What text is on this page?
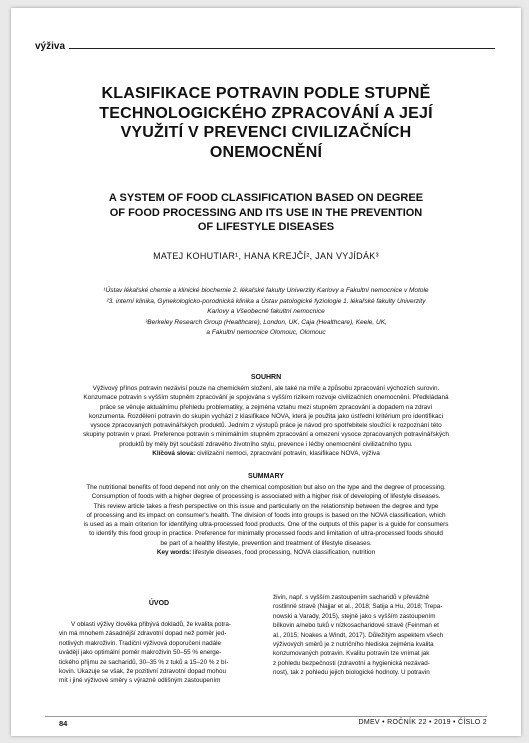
výživa
KLASIFIKACE POTRAVIN PODLE STUPNĚ
TECHNOLOGICKÉHO ZPRACOVÁNÍ A JEJÍ
VYUŽITÍ V PREVENCI CIVILIZAČNÍCH
ONEMOCNĚNÍ
A SYSTEM OF FOOD CLASSIFICATION BASED ON DEGREE
OF FOOD PROCESSING AND ITS USE IN THE PREVENTION
OF LIFESTYLE DISEASES
MATEJ KOHUTIAR¹, HANA KREJČÍ², JAN VYJÍDÁK³
¹Ústav lékařské chemie a klinické biochemie 2. lékařské fakulty Univerzity Karlovy a Fakultní nemocnice v Motole
²3. interní klinika, Gynekologicko-porodnická klinika a Ústav patologické fyziologie 1. lékařské fakulty Univerzity
Karlovy a Všeobecné fakultní nemocnice
³Berkeley Research Group (Healthcare), London, UK, Caja (Healthcare), Keele, UK,
a Fakultní nemocnice Olomouc, Olomouc
SOUHRN
Výživový přínos potravin nezávisí pouze na chemickém složení, ale také na míře a způsobu zpracování výchozích surovin.
Konzumace potravin s vyšším stupněm zpracování je spojována s vyšším rizikem rozvoje civilizačních onemocnění. Předkládaná
práce se věnuje aktuálnímu přehledu problematiky, a zejména vztahu mezi stupněm zpracování a dopadem na zdraví
konzumenta. Rozdělení potravin do skupin vychází z klasifikace NOVA, která je použita jako ústřední kritérium pro identifikaci
vysoce zpracovaných potravinářských produktů. Jedním z výstupů práce je návod pro spotřebitele sloužící k rozpoznání této
skupiny potravin v praxi. Preference potravin s minimálním stupněm zpracování a omezení vysoce zpracovaných potravinářských
produktů by měly být součástí zdravého životního stylu, prevence i léčby onemocnění civilizačního typu.
Klíčová slova: civilizační nemoci, zpracování potravin, klasifikace NOVA, výživa
SUMMARY
The nutritional benefits of food depend not only on the chemical composition but also on the type and the degree of processing.
Consumption of foods with a higher degree of processing is associated with a higher risk of developing of lifestyle diseases.
This review article takes a fresh perspective on this issue and particularly on the relationship between the degree and type
of processing and its impact on consumer's health. The division of foods into groups is based on the NOVA classification, which
is used as a main criterion for identifying ultra-processed food products. One of the outputs of this paper is a guide for consumers
to identify this food group in practice. Preference for minimally processed foods and limitation of ultra-processed foods should
be part of a healthy lifestyle, prevention and treatment of lifestyle diseases.
Key words: lifestyle diseases, food processing, NOVA classification, nutrition
ÚVOD
V oblasti výživy člověka přibývá dokladů, že kvalita potra-
vin má mnohem zásadnější zdravotní dopad než poměr jed-
notlivých makroživin. Tradiční výživová doporučení nadále
uvádějí jako optimální poměr makroživin 50–55 % energe-
tického příjmu ze sacharidů, 30–35 % z tuků a 15–20 % z bí-
kovin. Ukazuje se však, že pozitivní zdravotní dopad mohou
mít i jiné výživové směry s výrazně odlišným zastoupením
živin, např. s vyšším zastoupením sacharidů v převážně
rostlinné stravě (Najjar et al., 2018; Satija a Hu, 2018; Trepa-
nowski a Varady, 2015), stejně jako s vyšším zastoupením
bílkovin a/nebo tuků v nízkosacharidové stravě (Feinman et
al., 2015; Noakes a Windt, 2017). Důležitým aspektem všech
výživových směrů je z nutričního hlediska zejména kvalita
konzumovaných potravin. Kvalitu potravin lze vnímat jak
z pohledu bezpečnosti (zdravotní a hygienická nezávad-
nost), tak z pohledu jejich biologické hodnoty. U potravin
84	DMEV • ROČNÍK 22 • 2019 • ČÍSLO 2
